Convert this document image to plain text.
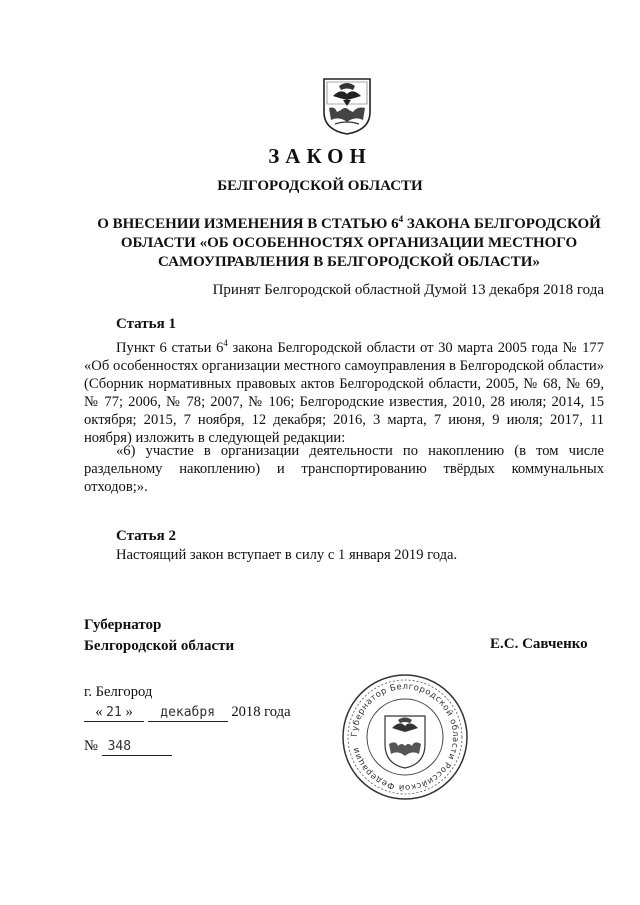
ЗАКОН
БЕЛГОРОДСКОЙ ОБЛАСТИ
О ВНЕСЕНИИ ИЗМЕНЕНИЯ В СТАТЬЮ $6^4$ ЗАКОНА БЕЛГОРОДСКОЙ
ОБЛАСТИ «ОБ ОСОБЕННОСТЯХ ОРГАНИЗАЦИИ МЕСТНОГО
САМОУПРАВЛЕНИЯ В БЕЛГОРОДСКОЙ ОБЛАСТИ»
Принят Белгородской областной Думой 13 декабря 2018 года
Статья 1
Пункт 6 статьи $6^4$ закона Белгородской области от 30 марта 2005 года № 177 «Об особенностях организации местного самоуправления в Белгородской области» (Сборник нормативных правовых актов Белгородской области, 2005, № 68, № 69, № 77; 2006, № 78; 2007, № 106; Белгородские известия, 2010, 28 июля; 2014, 15 октября; 2015, 7 ноября, 12 декабря; 2016, 3 марта, 7 июня, 9 июля; 2017, 11 ноября) изложить в следующей редакции:
«6) участие в организации деятельности по накоплению (в том числе раздельному накоплению) и транспортированию твёрдых коммунальных отходов;».
Статья 2
Настоящий закон вступает в силу с 1 января 2019 года.
Губернатор
Белгородской области	Е.С. Савченко
г. Белгород
« 21 » декабря 2018 года
№ 348
Губернатор Белгородской области Российской Федерации
